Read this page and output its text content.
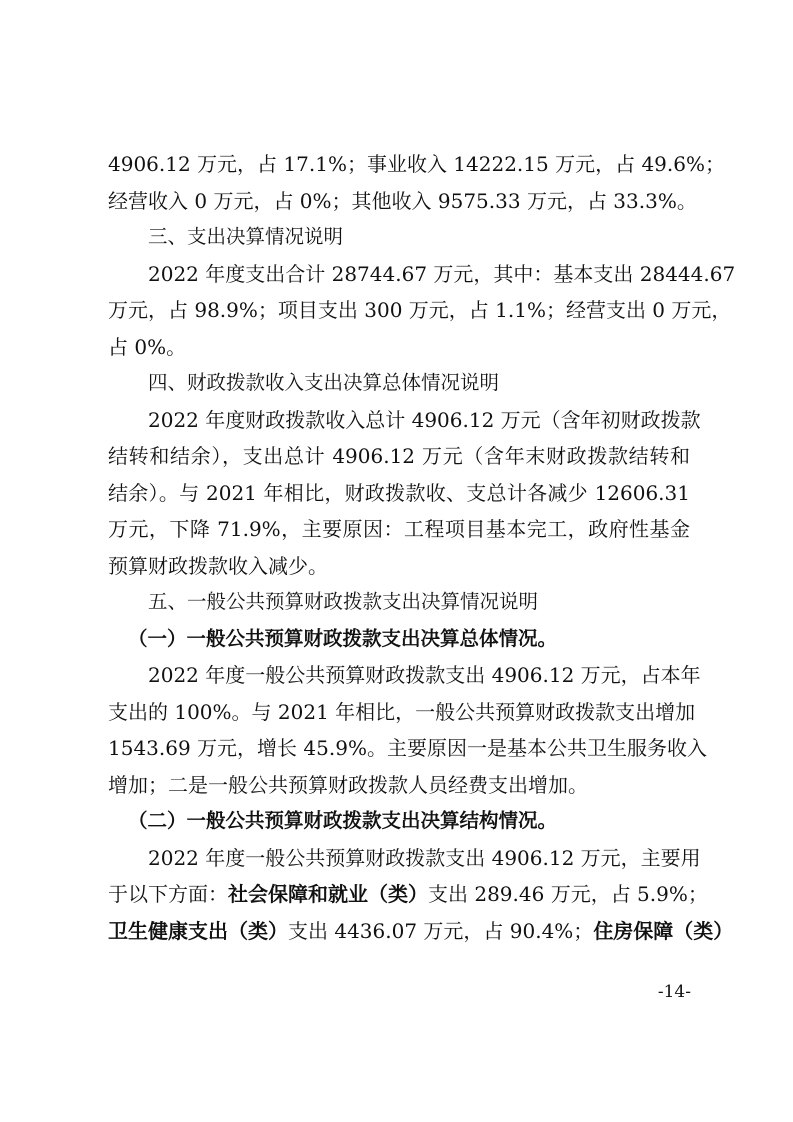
4906.12 万元，占 17.1%；事业收入 14222.15 万元，占 49.6%；
经营收入 0 万元，占 0%；其他收入 9575.33 万元，占 33.3%。
三、支出决算情况说明
2022 年度支出合计 28744.67 万元，其中：基本支出 28444.67
万元，占 98.9%；项目支出 300 万元，占 1.1%；经营支出 0 万元，
占 0%。
四、财政拨款收入支出决算总体情况说明
2022 年度财政拨款收入总计 4906.12 万元（含年初财政拨款
结转和结余），支出总计 4906.12 万元（含年末财政拨款结转和
结余）。与 2021 年相比，财政拨款收、支总计各减少 12606.31
万元，下降 71.9%，主要原因：工程项目基本完工，政府性基金
预算财政拨款收入减少。
五、一般公共预算财政拨款支出决算情况说明
（一）一般公共预算财政拨款支出决算总体情况。
2022 年度一般公共预算财政拨款支出 4906.12 万元，占本年
支出的 100%。与 2021 年相比，一般公共预算财政拨款支出增加
1543.69 万元，增长 45.9%。主要原因一是基本公共卫生服务收入
增加；二是一般公共预算财政拨款人员经费支出增加。
（二）一般公共预算财政拨款支出决算结构情况。
2022 年度一般公共预算财政拨款支出 4906.12 万元，主要用
于以下方面：社会保障和就业（类）支出 289.46 万元，占 5.9%；
卫生健康支出（类）支出 4436.07 万元，占 90.4%；住房保障（类）
-14-
